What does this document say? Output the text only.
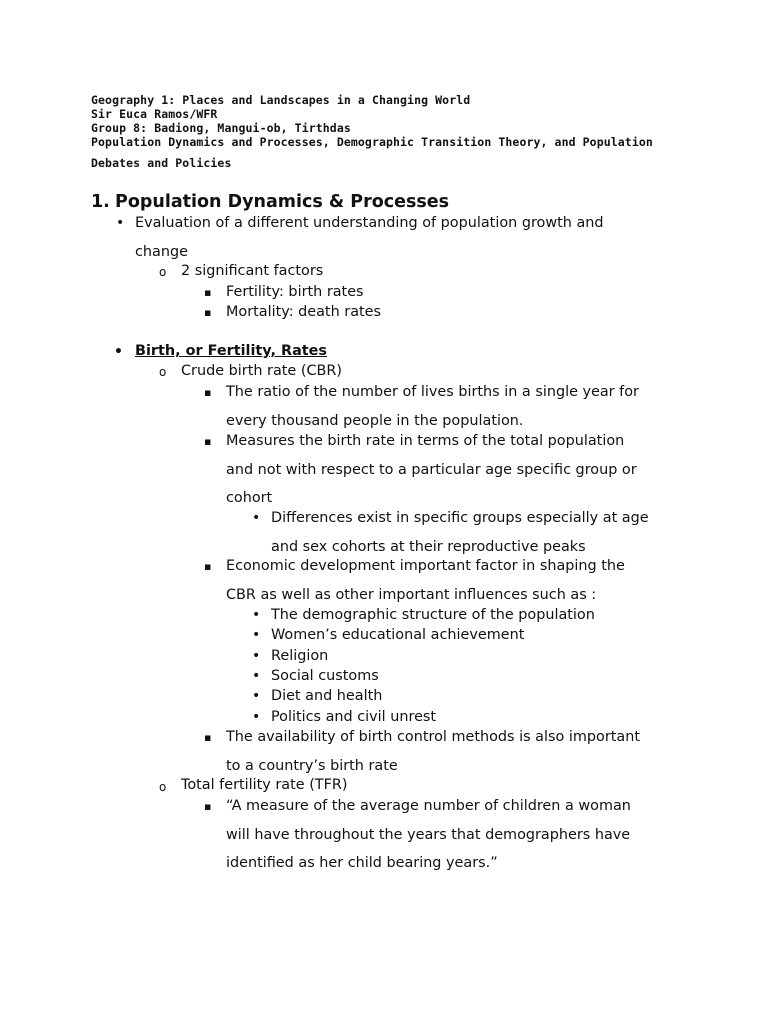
Geography 1: Places and Landscapes in a Changing World
Sir Euca Ramos/WFR
Group 8: Badiong, Mangui-ob, Tirthdas
Population Dynamics and Processes, Demographic Transition Theory, and Population
Debates and Policies
1. Population Dynamics & Processes
• Evaluation of a different understanding of population growth and
change
o 2 significant factors
▪ Fertility: birth rates
▪ Mortality: death rates
• Birth, or Fertility, Rates
o Crude birth rate (CBR)
▪ The ratio of the number of lives births in a single year for
every thousand people in the population.
▪ Measures the birth rate in terms of the total population
and not with respect to a particular age specific group or
cohort
• Differences exist in specific groups especially at age
and sex cohorts at their reproductive peaks
▪ Economic development important factor in shaping the
CBR as well as other important influences such as :
• The demographic structure of the population
• Women’s educational achievement
• Religion
• Social customs
• Diet and health
• Politics and civil unrest
▪ The availability of birth control methods is also important
to a country’s birth rate
o Total fertility rate (TFR)
▪ “A measure of the average number of children a woman
will have throughout the years that demographers have
identified as her child bearing years.”
